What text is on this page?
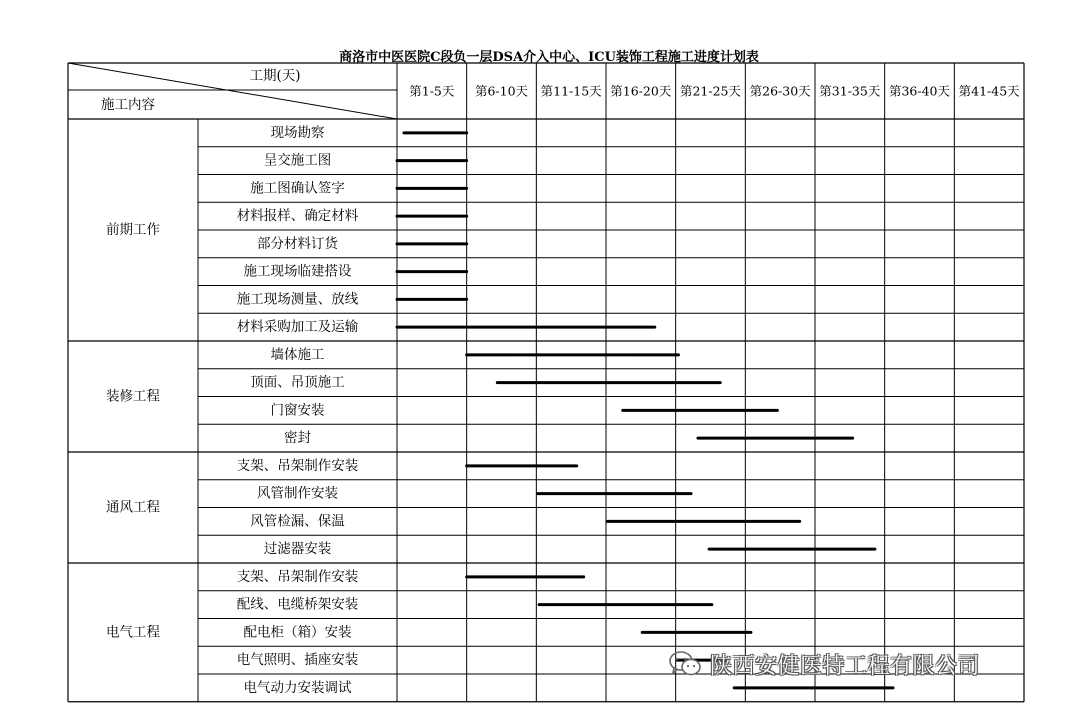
商洛市中医医院C段负一层DSA介入中心、ICU装饰工程施工进度计划表
工期(天)
施工内容
第1-5天 第6-10天 第11-15天 第16-20天 第21-25天 第26-30天 第31-35天 第36-40天 第41-45天
前期工作
现场勘察
呈交施工图
施工图确认签字
材料报样、确定材料
部分材料订货
施工现场临建搭设
施工现场测量、放线
材料采购加工及运输
装修工程
墙体施工
顶面、吊顶施工
门窗安装
密封
通风工程
支架、吊架制作安装
风管制作安装
风管检漏、保温
过滤器安装
电气工程
支架、吊架制作安装
配线、电缆桥架安装
配电柜（箱）安装
电气照明、插座安装
电气动力安装调试
陕西安健医特工程有限公司
